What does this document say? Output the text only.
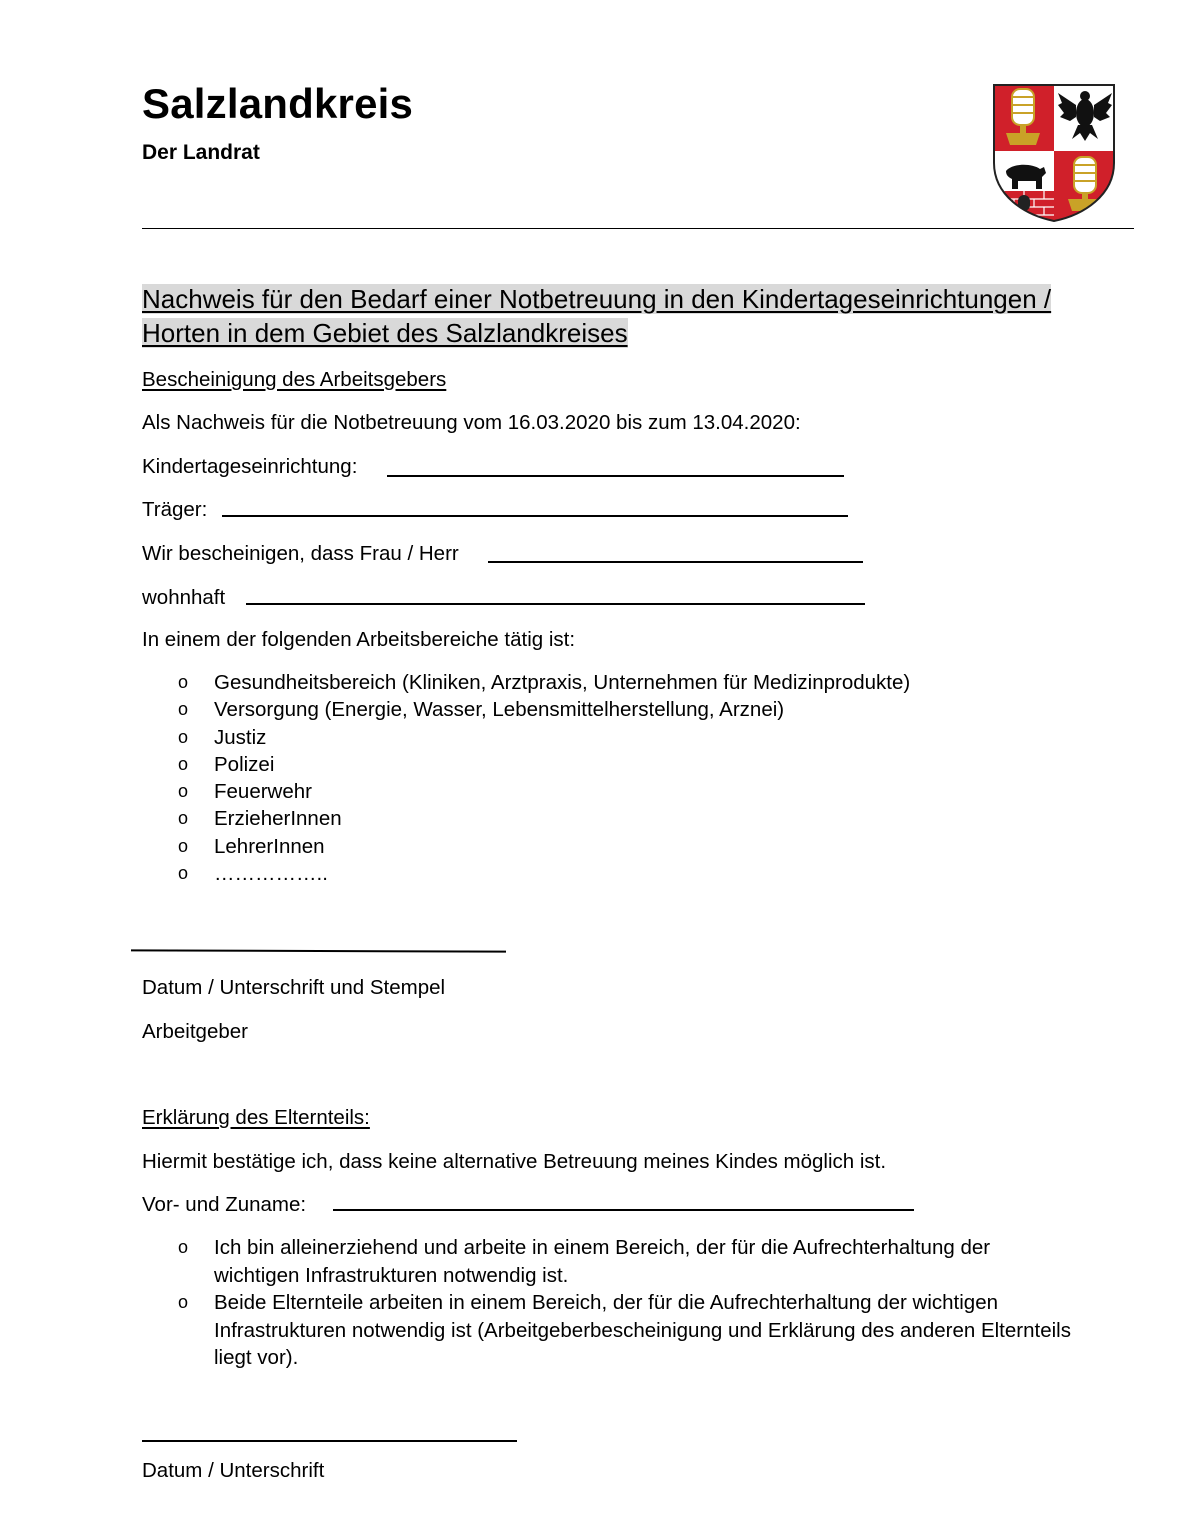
Salzlandkreis
Der Landrat
Nachweis für den Bedarf einer Notbetreuung in den Kindertageseinrichtungen / Horten in dem Gebiet des Salzlandkreises
Bescheinigung des Arbeitsgebers
Als Nachweis für die Notbetreuung vom 16.03.2020 bis zum 13.04.2020:
Kindertageseinrichtung:
Träger:
Wir bescheinigen, dass Frau / Herr
wohnhaft
In einem der folgenden Arbeitsbereiche tätig ist:
o	Gesundheitsbereich (Kliniken, Arztpraxis, Unternehmen für Medizinprodukte)
o	Versorgung (Energie, Wasser, Lebensmittelherstellung, Arznei)
o	Justiz
o	Polizei
o	Feuerwehr
o	ErzieherInnen
o	LehrerInnen
o	……………..
Datum / Unterschrift und Stempel
Arbeitgeber
Erklärung des Elternteils:
Hiermit bestätige ich, dass keine alternative Betreuung meines Kindes möglich ist.
Vor- und Zuname:
o	Ich bin alleinerziehend und arbeite in einem Bereich, der für die Aufrechterhaltung der wichtigen Infrastrukturen notwendig ist.
o	Beide Elternteile arbeiten in einem Bereich, der für die Aufrechterhaltung der wichtigen Infrastrukturen notwendig ist (Arbeitgeberbescheinigung und Erklärung des anderen Elternteils liegt vor).
Datum / Unterschrift
